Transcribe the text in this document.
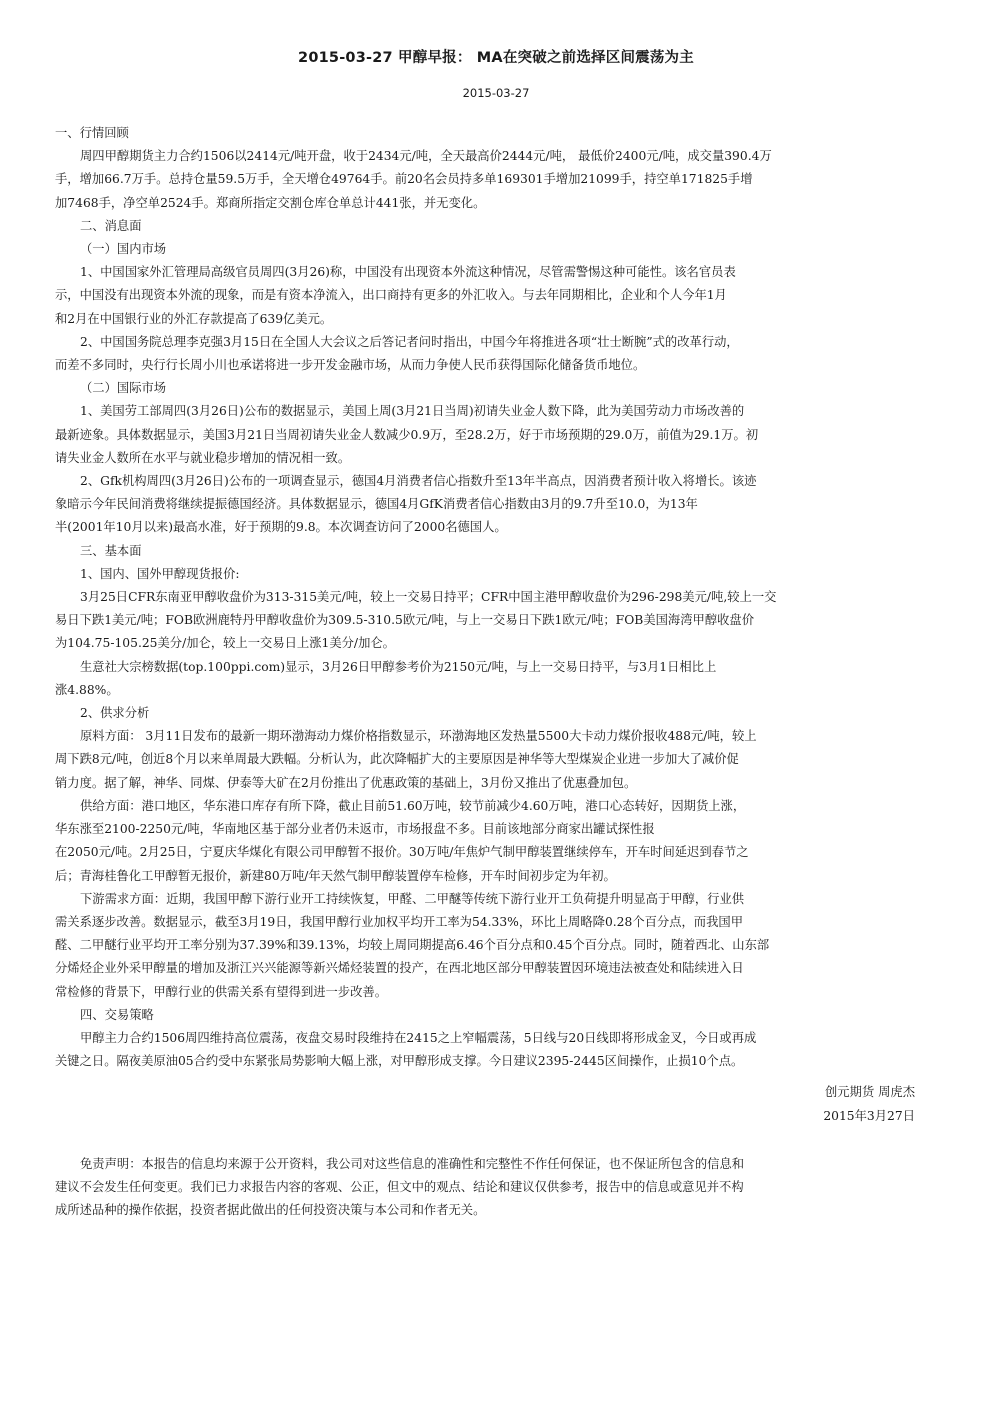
2015-03-27 甲醇早报： MA在突破之前选择区间震荡为主
2015-03-27
一、行情回顾
周四甲醇期货主力合约1506以2414元/吨开盘，收于2434元/吨，全天最高价2444元/吨， 最低价2400元/吨，成交量390.4万
手，增加66.7万手。总持仓量59.5万手，全天增仓49764手。前20名会员持多单169301手增加21099手，持空单171825手增
加7468手，净空单2524手。郑商所指定交割仓库仓单总计441张，并无变化。
二、消息面
（一）国内市场
1、中国国家外汇管理局高级官员周四(3月26)称，中国没有出现资本外流这种情况，尽管需警惕这种可能性。该名官员表
示，中国没有出现资本外流的现象，而是有资本净流入，出口商持有更多的外汇收入。与去年同期相比，企业和个人今年1月
和2月在中国银行业的外汇存款提高了639亿美元。
2、中国国务院总理李克强3月15日在全国人大会议之后答记者问时指出，中国今年将推进各项“壮士断腕”式的改革行动，
而差不多同时，央行行长周小川也承诺将进一步开发金融市场，从而力争使人民币获得国际化储备货币地位。
（二）国际市场
1、美国劳工部周四(3月26日)公布的数据显示，美国上周(3月21日当周)初请失业金人数下降，此为美国劳动力市场改善的
最新迹象。具体数据显示，美国3月21日当周初请失业金人数减少0.9万，至28.2万，好于市场预期的29.0万，前值为29.1万。初
请失业金人数所在水平与就业稳步增加的情况相一致。
2、Gfk机构周四(3月26日)公布的一项调查显示，德国4月消费者信心指数升至13年半高点，因消费者预计收入将增长。该迹
象暗示今年民间消费将继续提振德国经济。具体数据显示，德国4月GfK消费者信心指数由3月的9.7升至10.0，为13年
半(2001年10月以来)最高水准，好于预期的9.8。本次调查访问了2000名德国人。
三、基本面
1、国内、国外甲醇现货报价:
3月25日CFR东南亚甲醇收盘价为313-315美元/吨，较上一交易日持平；CFR中国主港甲醇收盘价为296-298美元/吨,较上一交
易日下跌1美元/吨；FOB欧洲鹿特丹甲醇收盘价为309.5-310.5欧元/吨，与上一交易日下跌1欧元/吨；FOB美国海湾甲醇收盘价
为104.75-105.25美分/加仑，较上一交易日上涨1美分/加仑。
生意社大宗榜数据(top.100ppi.com)显示，3月26日甲醇参考价为2150元/吨，与上一交易日持平，与3月1日相比上
涨4.88%。
2、供求分析
原料方面： 3月11日发布的最新一期环渤海动力煤价格指数显示，环渤海地区发热量5500大卡动力煤价报收488元/吨，较上
周下跌8元/吨，创近8个月以来单周最大跌幅。分析认为，此次降幅扩大的主要原因是神华等大型煤炭企业进一步加大了减价促
销力度。据了解，神华、同煤、伊泰等大矿在2月份推出了优惠政策的基础上，3月份又推出了优惠叠加包。
供给方面：港口地区，华东港口库存有所下降，截止目前51.60万吨，较节前减少4.60万吨，港口心态转好，因期货上涨，
华东涨至2100-2250元/吨，华南地区基于部分业者仍未返市，市场报盘不多。目前该地部分商家出罐试探性报
在2050元/吨。2月25日，宁夏庆华煤化有限公司甲醇暂不报价。30万吨/年焦炉气制甲醇装置继续停车，开车时间延迟到春节之
后；青海桂鲁化工甲醇暂无报价，新建80万吨/年天然气制甲醇装置停车检修，开车时间初步定为年初。
下游需求方面：近期，我国甲醇下游行业开工持续恢复，甲醛、二甲醚等传统下游行业开工负荷提升明显高于甲醇，行业供
需关系逐步改善。数据显示，截至3月19日，我国甲醇行业加权平均开工率为54.33%，环比上周略降0.28个百分点，而我国甲
醛、二甲醚行业平均开工率分别为37.39%和39.13%，均较上周同期提高6.46个百分点和0.45个百分点。同时，随着西北、山东部
分烯烃企业外采甲醇量的增加及浙江兴兴能源等新兴烯烃装置的投产，在西北地区部分甲醇装置因环境违法被查处和陆续进入日
常检修的背景下，甲醇行业的供需关系有望得到进一步改善。
四、交易策略
甲醇主力合约1506周四维持高位震荡，夜盘交易时段维持在2415之上窄幅震荡，5日线与20日线即将形成金叉，今日或再成
关键之日。隔夜美原油05合约受中东紧张局势影响大幅上涨，对甲醇形成支撑。今日建议2395-2445区间操作，止损10个点。
创元期货 周虎杰
2015年3月27日
免责声明：本报告的信息均来源于公开资料，我公司对这些信息的准确性和完整性不作任何保证，也不保证所包含的信息和
建议不会发生任何变更。我们已力求报告内容的客观、公正，但文中的观点、结论和建议仅供参考，报告中的信息或意见并不构
成所述品种的操作依据，投资者据此做出的任何投资决策与本公司和作者无关。
